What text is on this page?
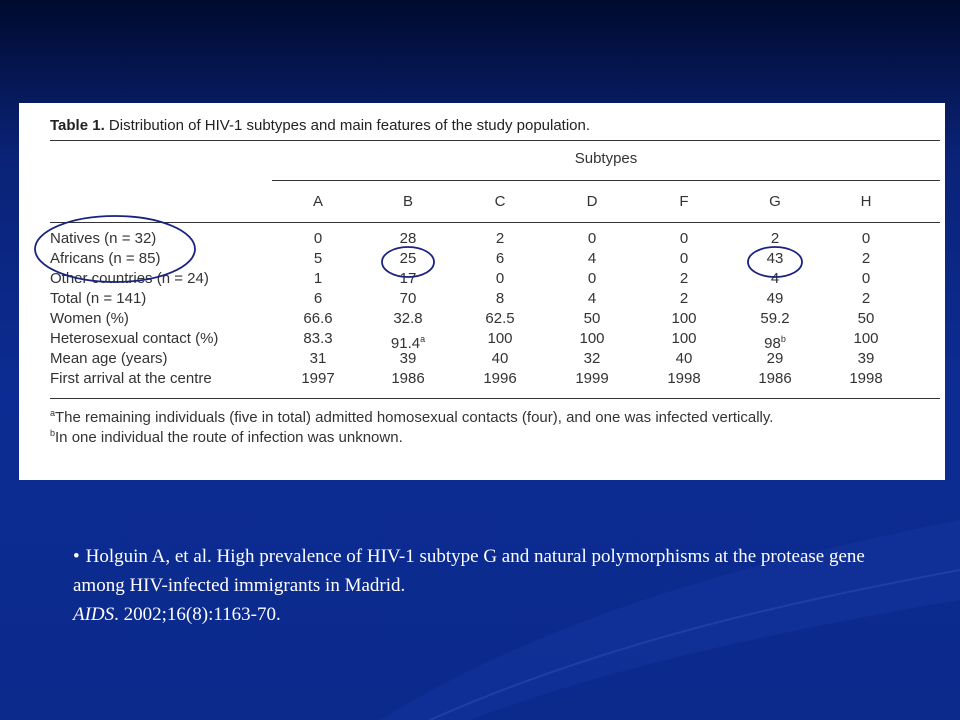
Table 1. Distribution of HIV-1 subtypes and main features of the study population.
Subtypes
A	B	C	D	F	G	H
Natives (n = 32)	0	28	2	0	0	2	0
Africans (n = 85)	5	25	6	4	0	43	2
Other countries (n = 24)	1	17	0	0	2	4	0
Total (n = 141)	6	70	8	4	2	49	2
Women (%)	66.6	32.8	62.5	50	100	59.2	50
Heterosexual contact (%)	83.3	91.4$^a$	100	100	100	98$^b$	100
Mean age (years)	31	39	40	32	40	29	39
First arrival at the centre	1997	1986	1996	1999	1998	1986	1998
$^a$The remaining individuals (five in total) admitted homosexual contacts (four), and one was infected vertically.
$^b$In one individual the route of infection was unknown.
• Holguin A, et al. High prevalence of HIV-1 subtype G and natural polymorphisms at the protease gene among HIV-infected immigrants in Madrid.
AIDS. 2002;16(8):1163-70.
